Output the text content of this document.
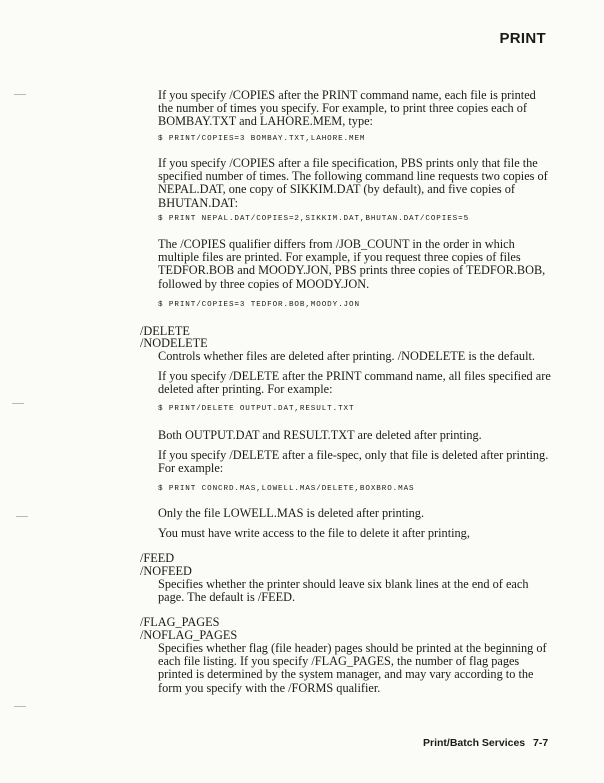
PRINT

If you specify /COPIES after the PRINT command name, each file is printed the number of times you specify. For example, to print three copies each of BOMBAY.TXT and LAHORE.MEM, type:

$ PRINT/COPIES=3 BOMBAY.TXT,LAHORE.MEM

If you specify /COPIES after a file specification, PBS prints only that file the specified number of times. The following command line requests two copies of NEPAL.DAT, one copy of SIKKIM.DAT (by default), and five copies of BHUTAN.DAT:

$ PRINT NEPAL.DAT/COPIES=2,SIKKIM.DAT,BHUTAN.DAT/COPIES=5

The /COPIES qualifier differs from /JOB_COUNT in the order in which multiple files are printed. For example, if you request three copies of files TEDFOR.BOB and MOODY.JON, PBS prints three copies of TEDFOR.BOB, followed by three copies of MOODY.JON.

$ PRINT/COPIES=3 TEDFOR.BOB,MOODY.JON

/DELETE

/NODELETE

Controls whether files are deleted after printing. /NODELETE is the default.

If you specify /DELETE after the PRINT command name, all files specified are deleted after printing. For example:

$ PRINT/DELETE OUTPUT.DAT,RESULT.TXT

Both OUTPUT.DAT and RESULT.TXT are deleted after printing.

If you specify /DELETE after a file-spec, only that file is deleted after printing. For example:

$ PRINT CONCRD.MAS,LOWELL.MAS/DELETE,BOXBRO.MAS

Only the file LOWELL.MAS is deleted after printing.

You must have write access to the file to delete it after printing,

/FEED

/NOFEED

Specifies whether the printer should leave six blank lines at the end of each page. The default is /FEED.

/FLAG_PAGES

/NOFLAG_PAGES

Specifies whether flag (file header) pages should be printed at the beginning of each file listing. If you specify /FLAG_PAGES, the number of flag pages printed is determined by the system manager, and may vary according to the form you specify with the /FORMS qualifier.

Print/Batch Services 7-7
